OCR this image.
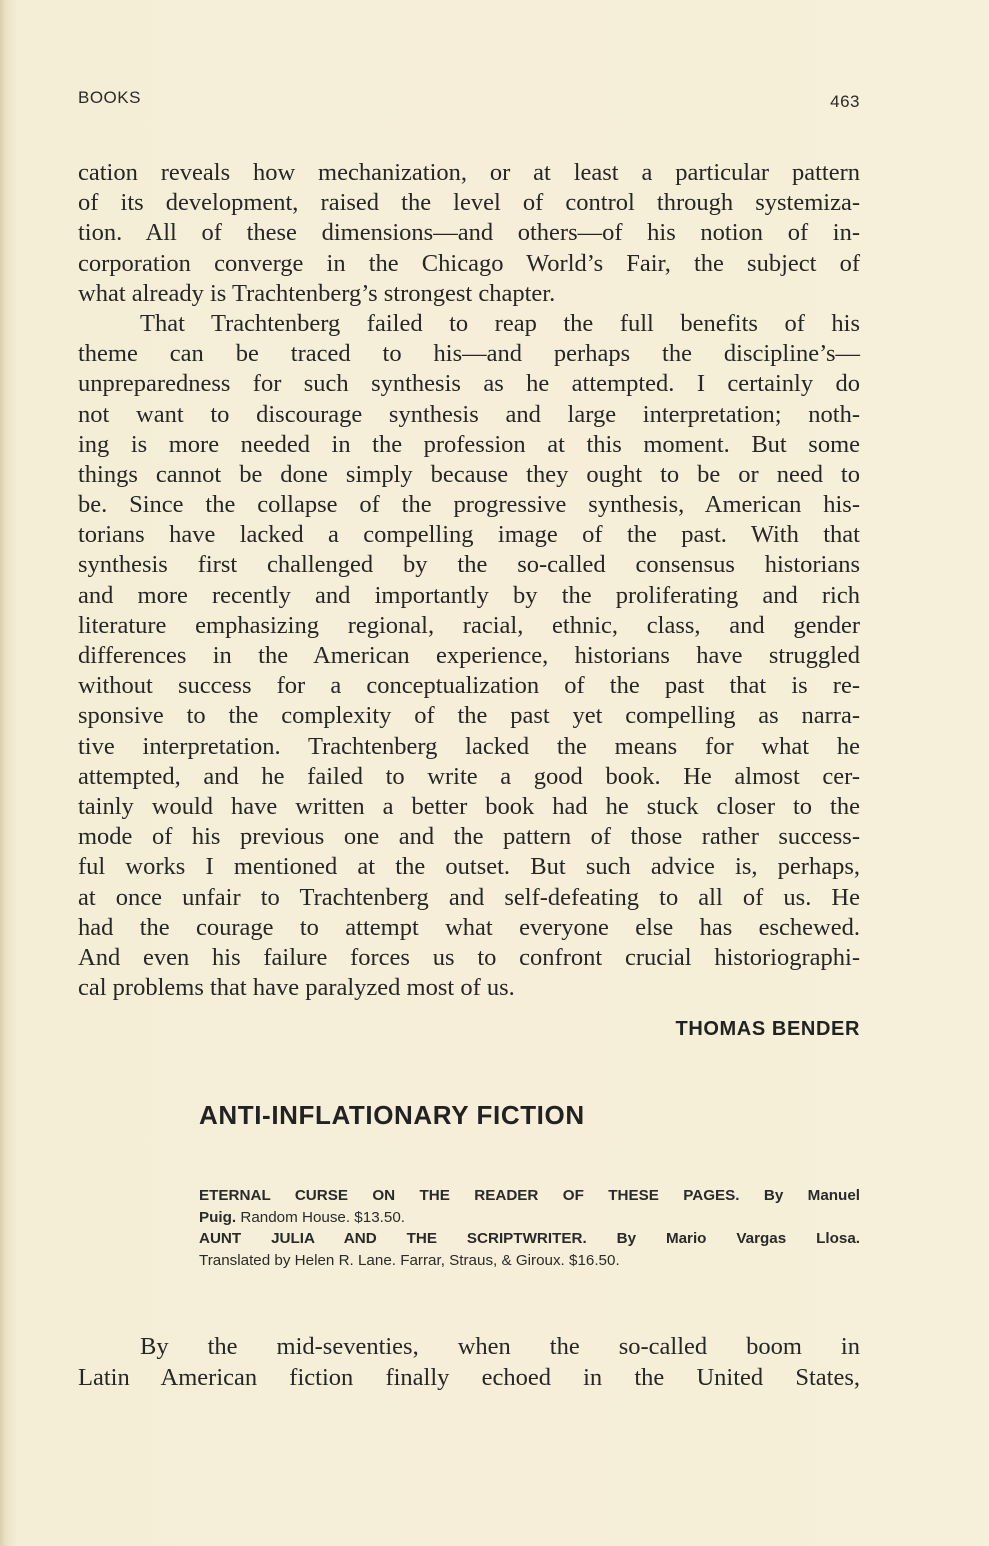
BOOKS	463
cation reveals how mechanization, or at least a particular pattern
of its development, raised the level of control through systemiza-
tion. All of these dimensions—and others—of his notion of in-
corporation converge in the Chicago World’s Fair, the subject of
what already is Trachtenberg’s strongest chapter.
That Trachtenberg failed to reap the full benefits of his
theme can be traced to his—and perhaps the discipline’s—
unpreparedness for such synthesis as he attempted. I certainly do
not want to discourage synthesis and large interpretation; noth-
ing is more needed in the profession at this moment. But some
things cannot be done simply because they ought to be or need to
be. Since the collapse of the progressive synthesis, American his-
torians have lacked a compelling image of the past. With that
synthesis first challenged by the so-called consensus historians
and more recently and importantly by the proliferating and rich
literature emphasizing regional, racial, ethnic, class, and gender
differences in the American experience, historians have struggled
without success for a conceptualization of the past that is re-
sponsive to the complexity of the past yet compelling as narra-
tive interpretation. Trachtenberg lacked the means for what he
attempted, and he failed to write a good book. He almost cer-
tainly would have written a better book had he stuck closer to the
mode of his previous one and the pattern of those rather success-
ful works I mentioned at the outset. But such advice is, perhaps,
at once unfair to Trachtenberg and self-defeating to all of us. He
had the courage to attempt what everyone else has eschewed.
And even his failure forces us to confront crucial historiographi-
cal problems that have paralyzed most of us.
THOMAS BENDER
ANTI-INFLATIONARY FICTION
ETERNAL CURSE ON THE READER OF THESE PAGES. By Manuel
Puig. Random House. $13.50.
AUNT JULIA AND THE SCRIPTWRITER. By Mario Vargas Llosa.
Translated by Helen R. Lane. Farrar, Straus, & Giroux. $16.50.
By the mid-seventies, when the so-called boom in
Latin American fiction finally echoed in the United States,
